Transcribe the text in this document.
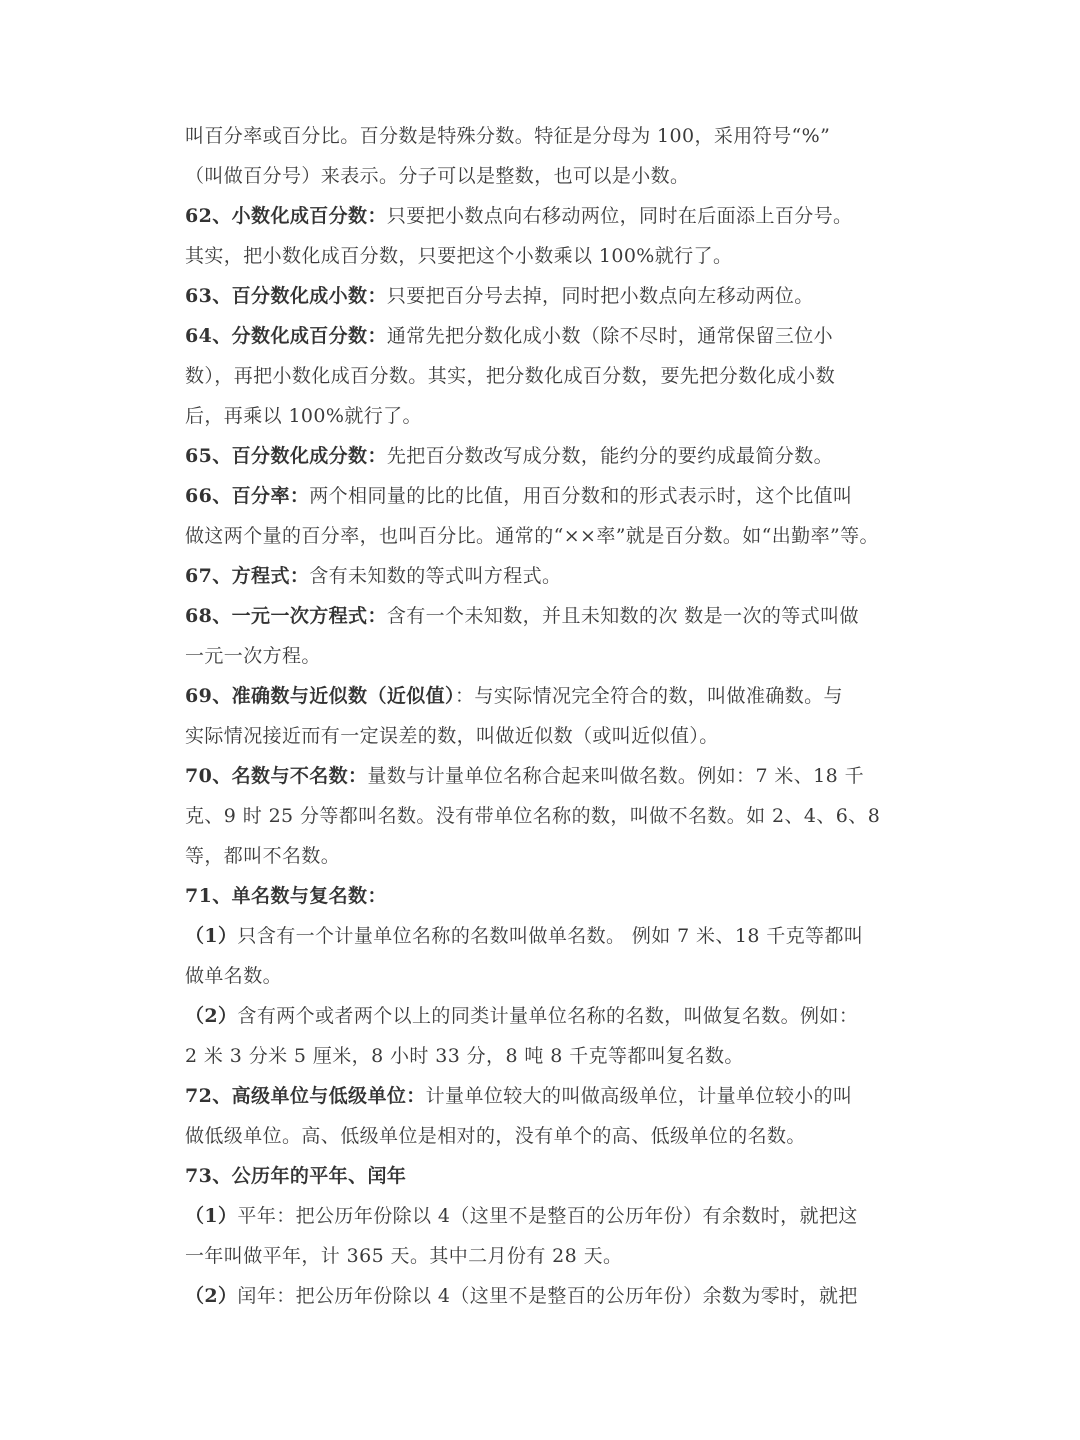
叫百分率或百分比。百分数是特殊分数。特征是分母为 100，采用符号“%”
（叫做百分号）来表示。分子可以是整数，也可以是小数。
62、小数化成百分数：只要把小数点向右移动两位，同时在后面添上百分号。
其实，把小数化成百分数，只要把这个小数乘以 100%就行了。
63、百分数化成小数：只要把百分号去掉，同时把小数点向左移动两位。
64、分数化成百分数：通常先把分数化成小数（除不尽时，通常保留三位小
数），再把小数化成百分数。其实，把分数化成百分数，要先把分数化成小数
后，再乘以 100%就行了。
65、百分数化成分数：先把百分数改写成分数，能约分的要约成最简分数。
66、百分率：两个相同量的比的比值，用百分数和的形式表示时，这个比值叫
做这两个量的百分率，也叫百分比。通常的“××率”就是百分数。如“出勤率”等。
67、方程式：含有未知数的等式叫方程式。
68、一元一次方程式：含有一个未知数，并且未知数的次 数是一次的等式叫做
一元一次方程。
69、准确数与近似数（近似值）：与实际情况完全符合的数，叫做准确数。与
实际情况接近而有一定误差的数，叫做近似数（或叫近似值）。
70、名数与不名数：量数与计量单位名称合起来叫做名数。例如：7 米、18 千
克、9 时 25 分等都叫名数。没有带单位名称的数，叫做不名数。如 2、4、6、8
等，都叫不名数。
71、单名数与复名数：
（1）只含有一个计量单位名称的名数叫做单名数。 例如 7 米、18 千克等都叫
做单名数。
（2）含有两个或者两个以上的同类计量单位名称的名数，叫做复名数。例如：
2 米 3 分米 5 厘米，8 小时 33 分，8 吨 8 千克等都叫复名数。
72、高级单位与低级单位：计量单位较大的叫做高级单位，计量单位较小的叫
做低级单位。高、低级单位是相对的，没有单个的高、低级单位的名数。
73、公历年的平年、闰年
（1）平年：把公历年份除以 4（这里不是整百的公历年份）有余数时，就把这
一年叫做平年，计 365 天。其中二月份有 28 天。
（2）闰年：把公历年份除以 4（这里不是整百的公历年份）余数为零时，就把
